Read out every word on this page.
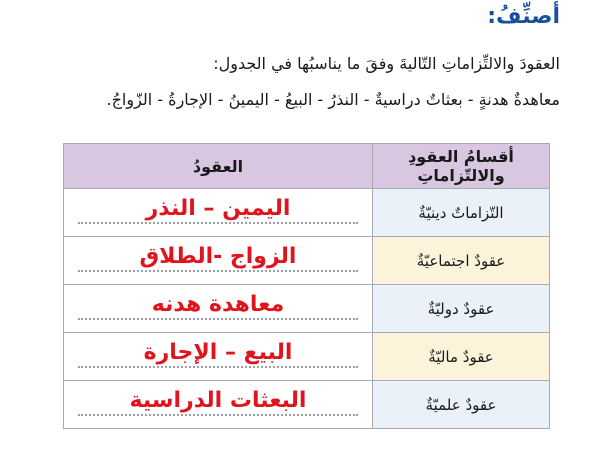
أصنِّفُ:
العقودَ والالتِّزاماتِ التّاليةَ وفقَ ما يناسبُها في الجدول:
معاهدةٌ هدنةٍ - بعثاتٌ دراسيةٌ - النذرُ - البيعُ - اليمينُ - الإجارةُ - الزّواجُ.
أقسامُ العقودِ والالتّزاماتِ	العقودُ
التّزاماتٌ دينيّةٌ	اليمين – النذر
عقودٌ اجتماعيّةٌ	الزواج -الطلاق
عقودٌ دوليّةٌ	معاهدة هدنه
عقودٌ ماليّةٌ	البيع – الإجارة
عقودٌ علميّةٌ	البعثات الدراسية
